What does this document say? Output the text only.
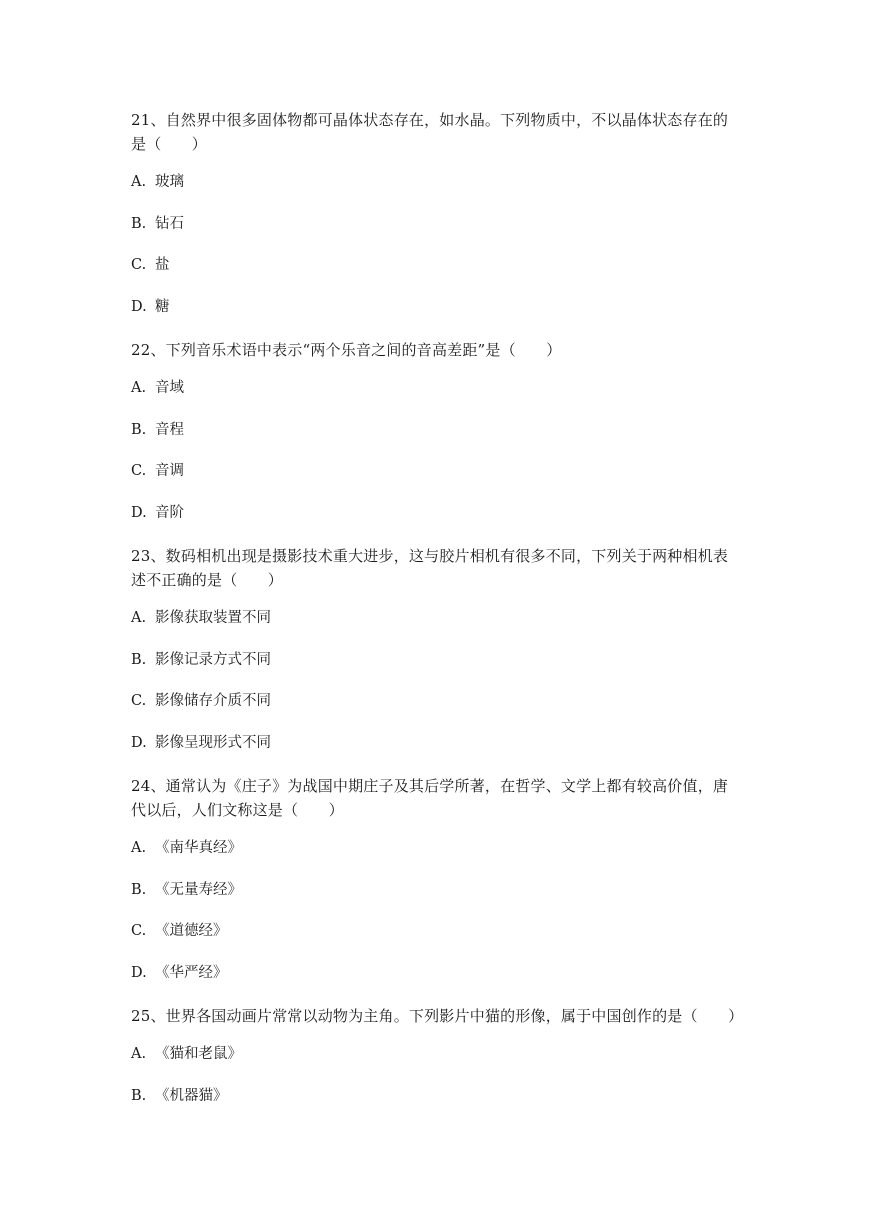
21、自然界中很多固体物都可晶体状态存在，如水晶。下列物质中，不以晶体状态存在的是（　　）

A. 玻璃
B. 钻石
C. 盐
D. 糖

22、下列音乐术语中表示“两个乐音之间的音高差距”是（　　）

A. 音域
B. 音程
C. 音调
D. 音阶

23、数码相机出现是摄影技术重大进步，这与胶片相机有很多不同，下列关于两种相机表述不正确的是（　　）

A. 影像获取装置不同
B. 影像记录方式不同
C. 影像储存介质不同
D. 影像呈现形式不同

24、通常认为《庄子》为战国中期庄子及其后学所著，在哲学、文学上都有较高价值，唐代以后，人们文称这是（　　）

A. 《南华真经》
B. 《无量寿经》
C. 《道德经》
D. 《华严经》

25、世界各国动画片常常以动物为主角。下列影片中猫的形像，属于中国创作的是（　　）

A. 《猫和老鼠》
B. 《机器猫》
